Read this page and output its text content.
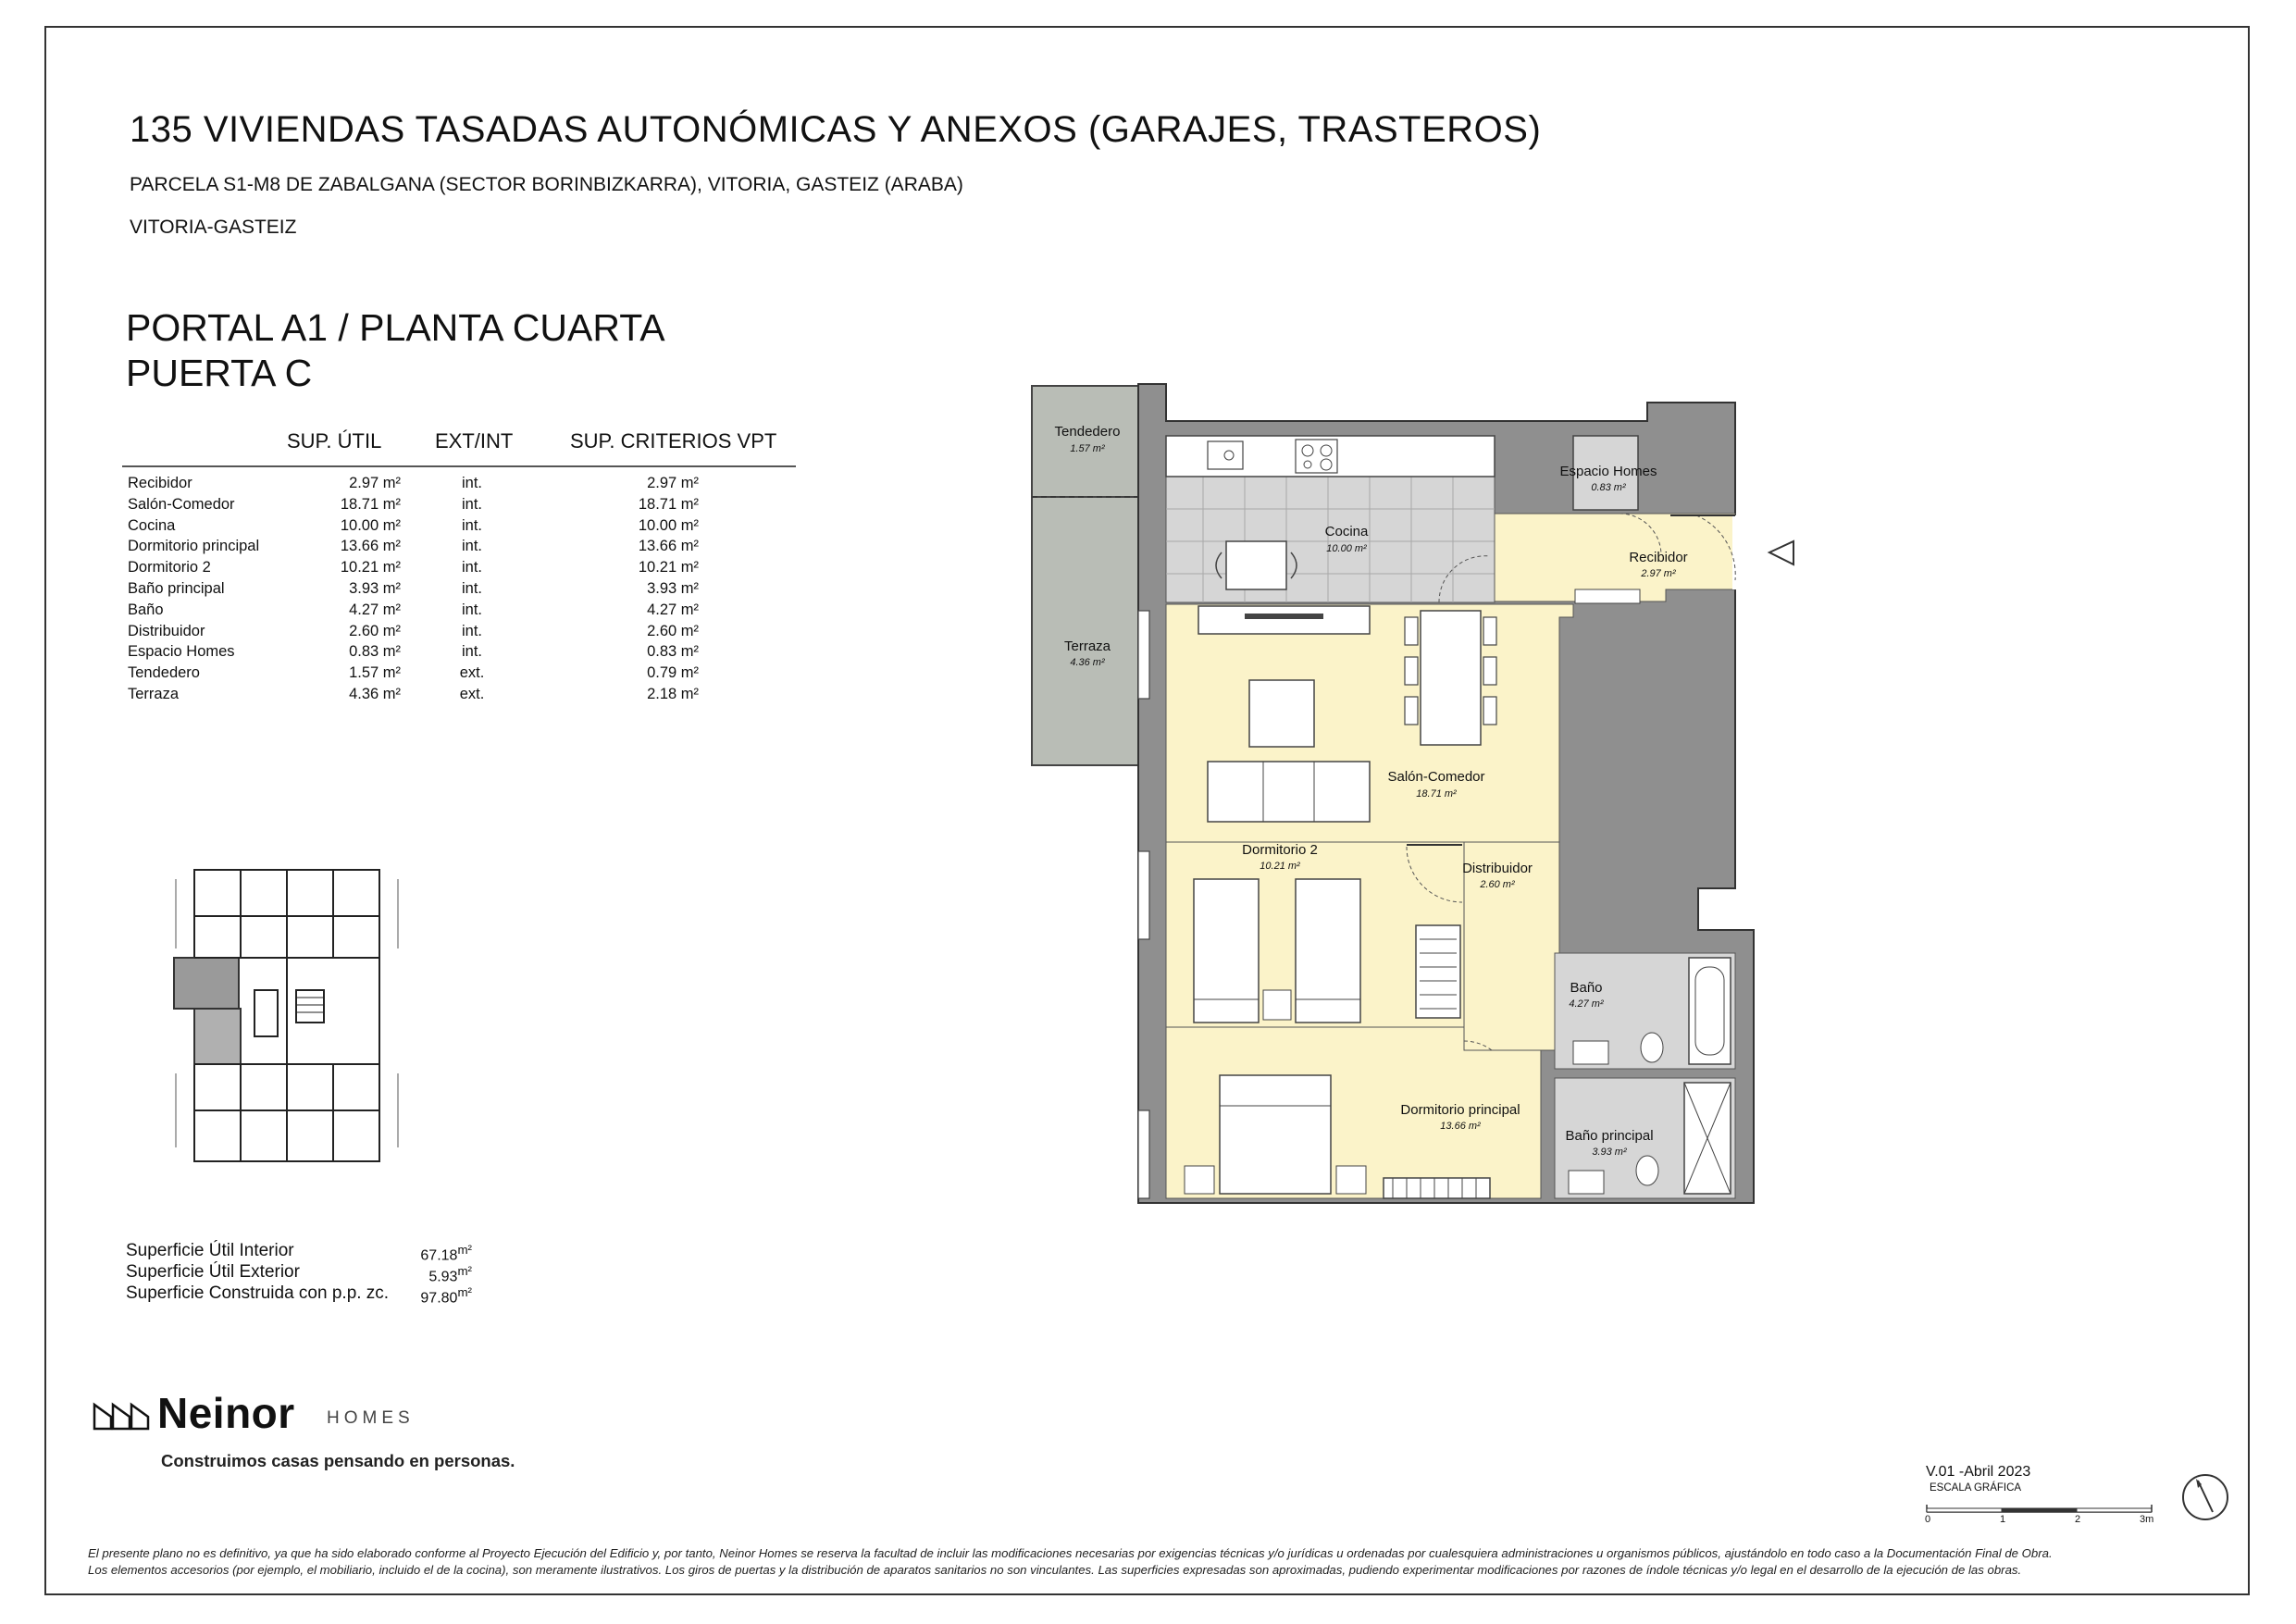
135 VIVIENDAS TASADAS AUTONÓMICAS Y ANEXOS (GARAJES, TRASTEROS)
PARCELA S1-M8 DE ZABALGANA (SECTOR BORINBIZKARRA), VITORIA, GASTEIZ (ARABA)
VITORIA-GASTEIZ
PORTAL A1 / PLANTA CUARTA
PUERTA C
SUP. ÚTIL	EXT/INT	SUP. CRITERIOS VPT
Recibidor	2.97 m²	int.	2.97 m²
Salón-Comedor	18.71 m²	int.	18.71 m²
Cocina	10.00 m²	int.	10.00 m²
Dormitorio principal	13.66 m²	int.	13.66 m²
Dormitorio 2	10.21 m²	int.	10.21 m²
Baño principal	3.93 m²	int.	3.93 m²
Baño	4.27 m²	int.	4.27 m²
Distribuidor	2.60 m²	int.	2.60 m²
Espacio Homes	0.83 m²	int.	0.83 m²
Tendedero	1.57 m²	ext.	0.79 m²
Terraza	4.36 m²	ext.	2.18 m²
Superficie Útil Interior	$67.18^{m^2}$
Superficie Útil Exterior	$5.93^{m^2}$
Superficie Construida con p.p. zc.	$97.80^{m^2}$
Tendedero
1.57 m²
Cocina
10.00 m²
Espacio Homes
0.83 m²
Recibidor
2.97 m²
Terraza
4.36 m²
Salón-Comedor
18.71 m²
Dormitorio 2
10.21 m²	Distribuidor
2.60 m²
Baño
4.27 m²
Dormitorio principal
13.66 m²
Baño principal
3.93 m²
Neinor HOMES
Construimos casas pensando en personas.
V.01 -Abril 2023
ESCALA GRÁFICA
0	1	2	3m
El presente plano no es definitivo, ya que ha sido elaborado conforme al Proyecto Ejecución del Edificio y, por tanto, Neinor Homes se reserva la facultad de incluir las modificaciones necesarias por exigencias técnicas y/o jurídicas u ordenadas por cualesquiera administraciones u organismos públicos, ajustándolo en todo caso a la Documentación Final de Obra.
Los elementos accesorios (por ejemplo, el mobiliario, incluido el de la cocina), son meramente ilustrativos. Los giros de puertas y la distribución de aparatos sanitarios no son vinculantes. Las superficies expresadas son aproximadas, pudiendo experimentar modificaciones por razones de índole técnicas y/o legal en el desarrollo de la ejecución de las obras.
